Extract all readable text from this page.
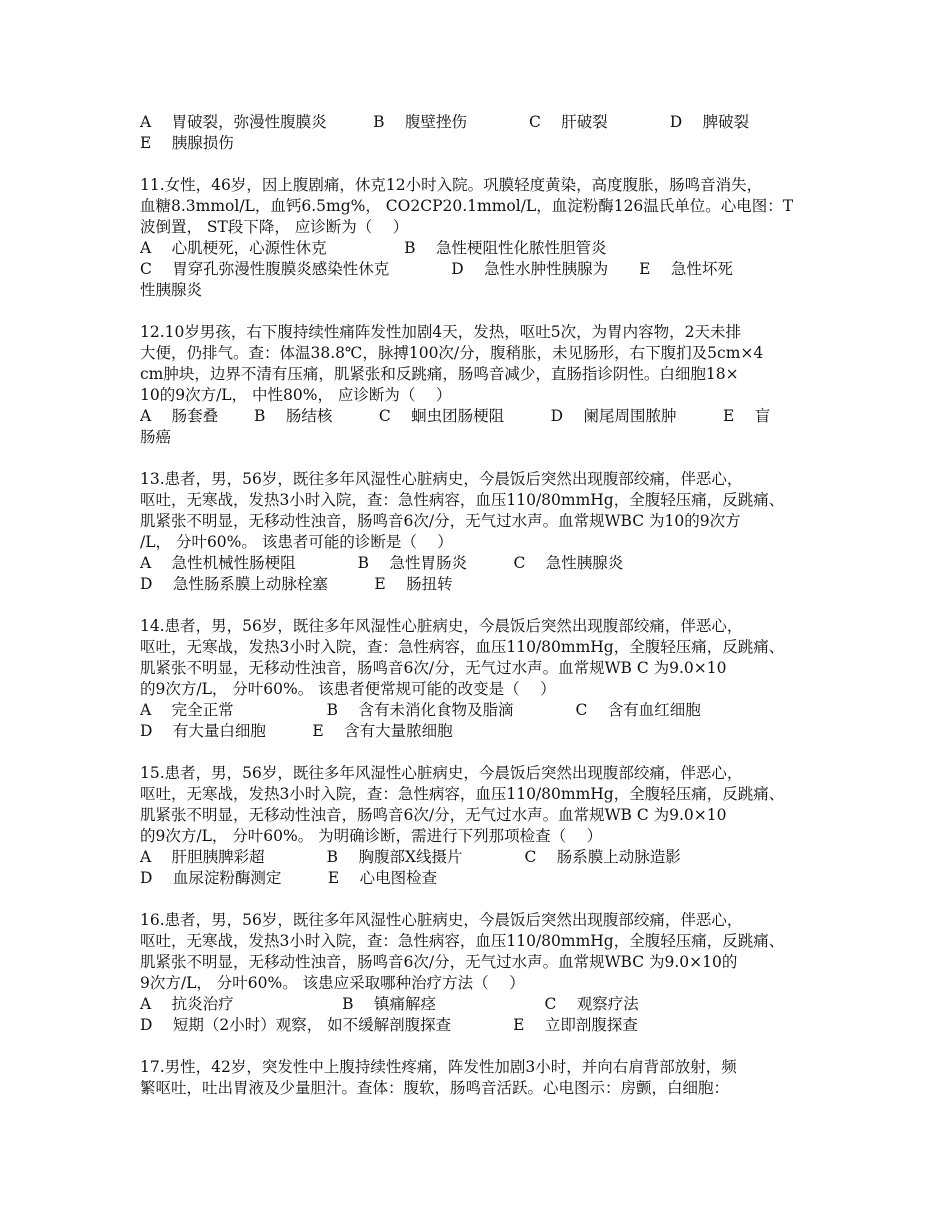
A　 胃破裂，弥漫性腹膜炎　　　B　 腹壁挫伤　　　　C　 肝破裂　　　　D　 脾破裂
E　 胰腺损伤
11.女性，46岁，因上腹剧痛，休克12小时入院。巩膜轻度黄染，高度腹胀，肠鸣音消失，
血糖8.3mmol/L，血钙6.5mg%， CO2CP20.1mmol/L，血淀粉酶126温氏单位。心电图：T
波倒置， ST段下降， 应诊断为（　 ）
A　 心肌梗死，心源性休克　　　　　B　 急性梗阻性化脓性胆管炎
C　 胃穿孔弥漫性腹膜炎感染性休克　　　　D　 急性水肿性胰腺为　　E　 急性坏死
性胰腺炎
12.10岁男孩，右下腹持续性痛阵发性加剧4天，发热，呕吐5次，为胃内容物，2天未排
大便，仍排气。查：体温38.8℃，脉搏100次/分，腹稍胀，未见肠形，右下腹扪及5cm×4
cm肿块，边界不清有压痛，肌紧张和反跳痛，肠鸣音减少，直肠指诊阴性。白细胞18×
10的9次方/L， 中性80%， 应诊断为（　 ）
A　 肠套叠　　 B　 肠结核　　　C　 蛔虫团肠梗阻　　　D　 阑尾周围脓肿　　　E　 盲
肠癌
13.患者，男，56岁，既往多年风湿性心脏病史，今晨饭后突然出现腹部绞痛，伴恶心，
呕吐，无寒战，发热3小时入院，查：急性病容，血压110/80mmHg，全腹轻压痛，反跳痛、
肌紧张不明显，无移动性浊音，肠鸣音6次/分，无气过水声。血常规WBC 为10的9次方
/L， 分叶60%。 该患者可能的诊断是（　 ）
A　 急性机械性肠梗阻　　　　B　 急性胃肠炎　　　C　 急性胰腺炎
D　 急性肠系膜上动脉栓塞　　　E　 肠扭转
14.患者，男，56岁，既往多年风湿性心脏病史，今晨饭后突然出现腹部绞痛，伴恶心，
呕吐，无寒战，发热3小时入院，查：急性病容，血压110/80mmHg，全腹轻压痛，反跳痛、
肌紧张不明显，无移动性浊音，肠鸣音6次/分，无气过水声。血常规WB C 为9.0×10
的9次方/L， 分叶60%。 该患者便常规可能的改变是（　 ）
A　 完全正常　　　　　　B　 含有未消化食物及脂滴　　　　C　 含有血红细胞
D　 有大量白细胞　　　E　 含有大量脓细胞
15.患者，男，56岁，既往多年风湿性心脏病史，今晨饭后突然出现腹部绞痛，伴恶心，
呕吐，无寒战，发热3小时入院，查：急性病容，血压110/80mmHg，全腹轻压痛，反跳痛、
肌紧张不明显，无移动性浊音，肠鸣音6次/分，无气过水声。血常规WB C 为9.0×10
的9次方/L， 分叶60%。 为明确诊断，需进行下列那项检查（　 ）
A　 肝胆胰脾彩超　　　　B　 胸腹部X线摄片　　　　C　 肠系膜上动脉造影
D　 血尿淀粉酶测定　　　E　 心电图检查
16.患者，男，56岁，既往多年风湿性心脏病史，今晨饭后突然出现腹部绞痛，伴恶心，
呕吐，无寒战，发热3小时入院，查：急性病容，血压110/80mmHg，全腹轻压痛，反跳痛、
肌紧张不明显，无移动性浊音，肠鸣音6次/分，无气过水声。血常规WBC 为9.0×10的
9次方/L， 分叶60%。 该患应采取哪种治疗方法（　 ）
A　 抗炎治疗　　　　　　　B　 镇痛解痉　　　　　　　C　 观察疗法
D　 短期（2小时）观察， 如不缓解剖腹探查　　　　E　 立即剖腹探查
17.男性，42岁，突发性中上腹持续性疼痛，阵发性加剧3小时，并向右肩背部放射，频
繁呕吐，吐出胃液及少量胆汁。查体：腹软，肠鸣音活跃。心电图示：房颤，白细胞：
